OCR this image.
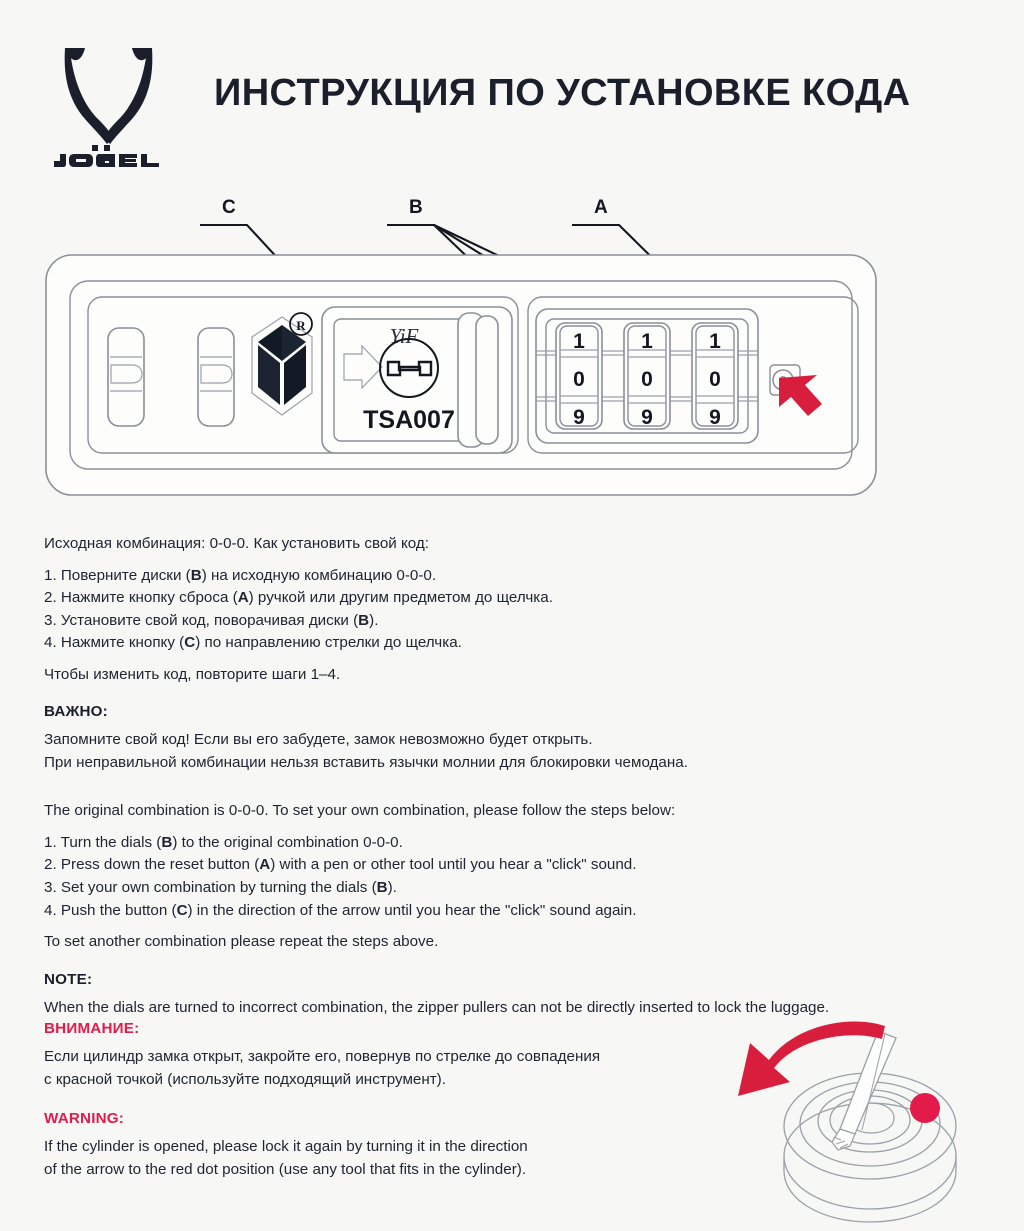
ИНСТРУКЦИЯ ПО УСТАНОВКЕ КОДА
C	B	A
R	YiF
TSA007
1
0
9
1
0
9
1
0
9

Исходная комбинация: 0-0-0. Как установить свой код:

1. Поверните диски (B) на исходную комбинацию 0-0-0.

2. Нажмите кнопку сброса (A) ручкой или другим предметом до щелчка.

3. Установите свой код, поворачивая диски (B).

4. Нажмите кнопку (C) по направлению стрелки до щелчка.

Чтобы изменить код, повторите шаги 1–4.

ВАЖНО:

Запомните свой код! Если вы его забудете, замок невозможно будет открыть.

При неправильной комбинации нельзя вставить язычки молнии для блокировки чемодана.

The original combination is 0-0-0. To set your own combination, please follow the steps below:

1. Turn the dials (B) to the original combination 0-0-0.

2. Press down the reset button (A) with a pen or other tool until you hear a "click" sound.

3. Set your own combination by turning the dials (B).

4. Push the button (C) in the direction of the arrow until you hear the "click" sound again.

To set another combination please repeat the steps above.

NOTE:

When the dials are turned to incorrect combination, the zipper pullers can not be directly inserted to lock the luggage.

ВНИМАНИЕ:

Если цилиндр замка открыт, закройте его, повернув по стрелке до совпадения

с красной точкой (используйте подходящий инструмент).

WARNING:

If the cylinder is opened, please lock it again by turning it in the direction

of the arrow to the red dot position (use any tool that fits in the cylinder).
